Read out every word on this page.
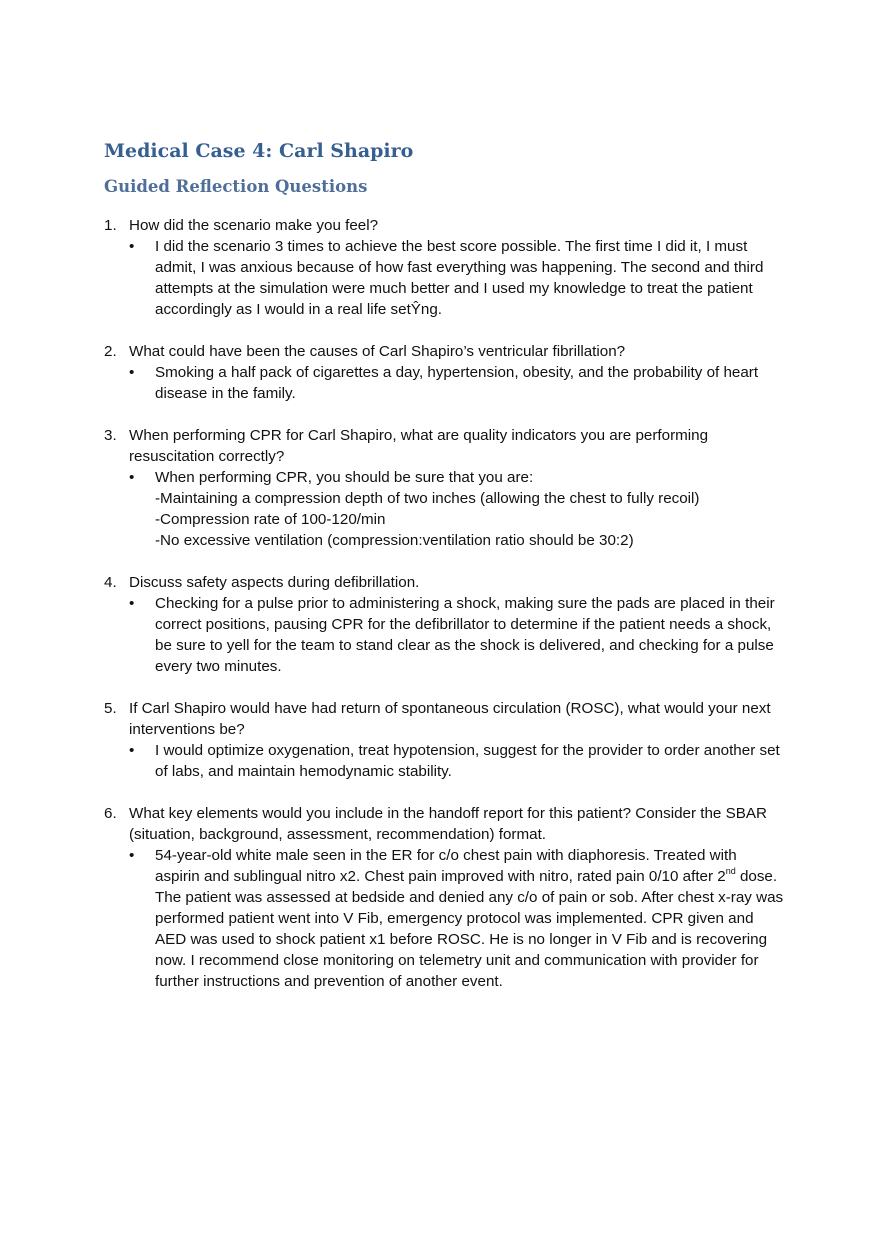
Medical Case 4: Carl Shapiro
Guided Reflection Questions
1. How did the scenario make you feel?
• I did the scenario 3 times to achieve the best score possible. The first time I did it, I must admit, I was anxious because of how fast everything was happening. The second and third attempts at the simulation were much better and I used my knowledge to treat the patient accordingly as I would in a real life setŶng.
2. What could have been the causes of Carl Shapiro’s ventricular fibrillation?
• Smoking a half pack of cigarettes a day, hypertension, obesity, and the probability of heart disease in the family.
3. When performing CPR for Carl Shapiro, what are quality indicators you are performing resuscitation correctly?
• When performing CPR, you should be sure that you are:
-Maintaining a compression depth of two inches (allowing the chest to fully recoil)
-Compression rate of 100-120/min
-No excessive ventilation (compression:ventilation ratio should be 30:2)
4. Discuss safety aspects during defibrillation.
• Checking for a pulse prior to administering a shock, making sure the pads are placed in their correct positions, pausing CPR for the defibrillator to determine if the patient needs a shock, be sure to yell for the team to stand clear as the shock is delivered, and checking for a pulse every two minutes.
5. If Carl Shapiro would have had return of spontaneous circulation (ROSC), what would your next interventions be?
• I would optimize oxygenation, treat hypotension, suggest for the provider to order another set of labs, and maintain hemodynamic stability.
6. What key elements would you include in the handoff report for this patient? Consider the SBAR (situation, background, assessment, recommendation) format.
• 54-year-old white male seen in the ER for c/o chest pain with diaphoresis. Treated with aspirin and sublingual nitro x2. Chest pain improved with nitro, rated pain 0/10 after 2nd dose. The patient was assessed at bedside and denied any c/o of pain or sob. After chest x-ray was performed patient went into V Fib, emergency protocol was implemented. CPR given and AED was used to shock patient x1 before ROSC. He is no longer in V Fib and is recovering now. I recommend close monitoring on telemetry unit and communication with provider for further instructions and prevention of another event.
